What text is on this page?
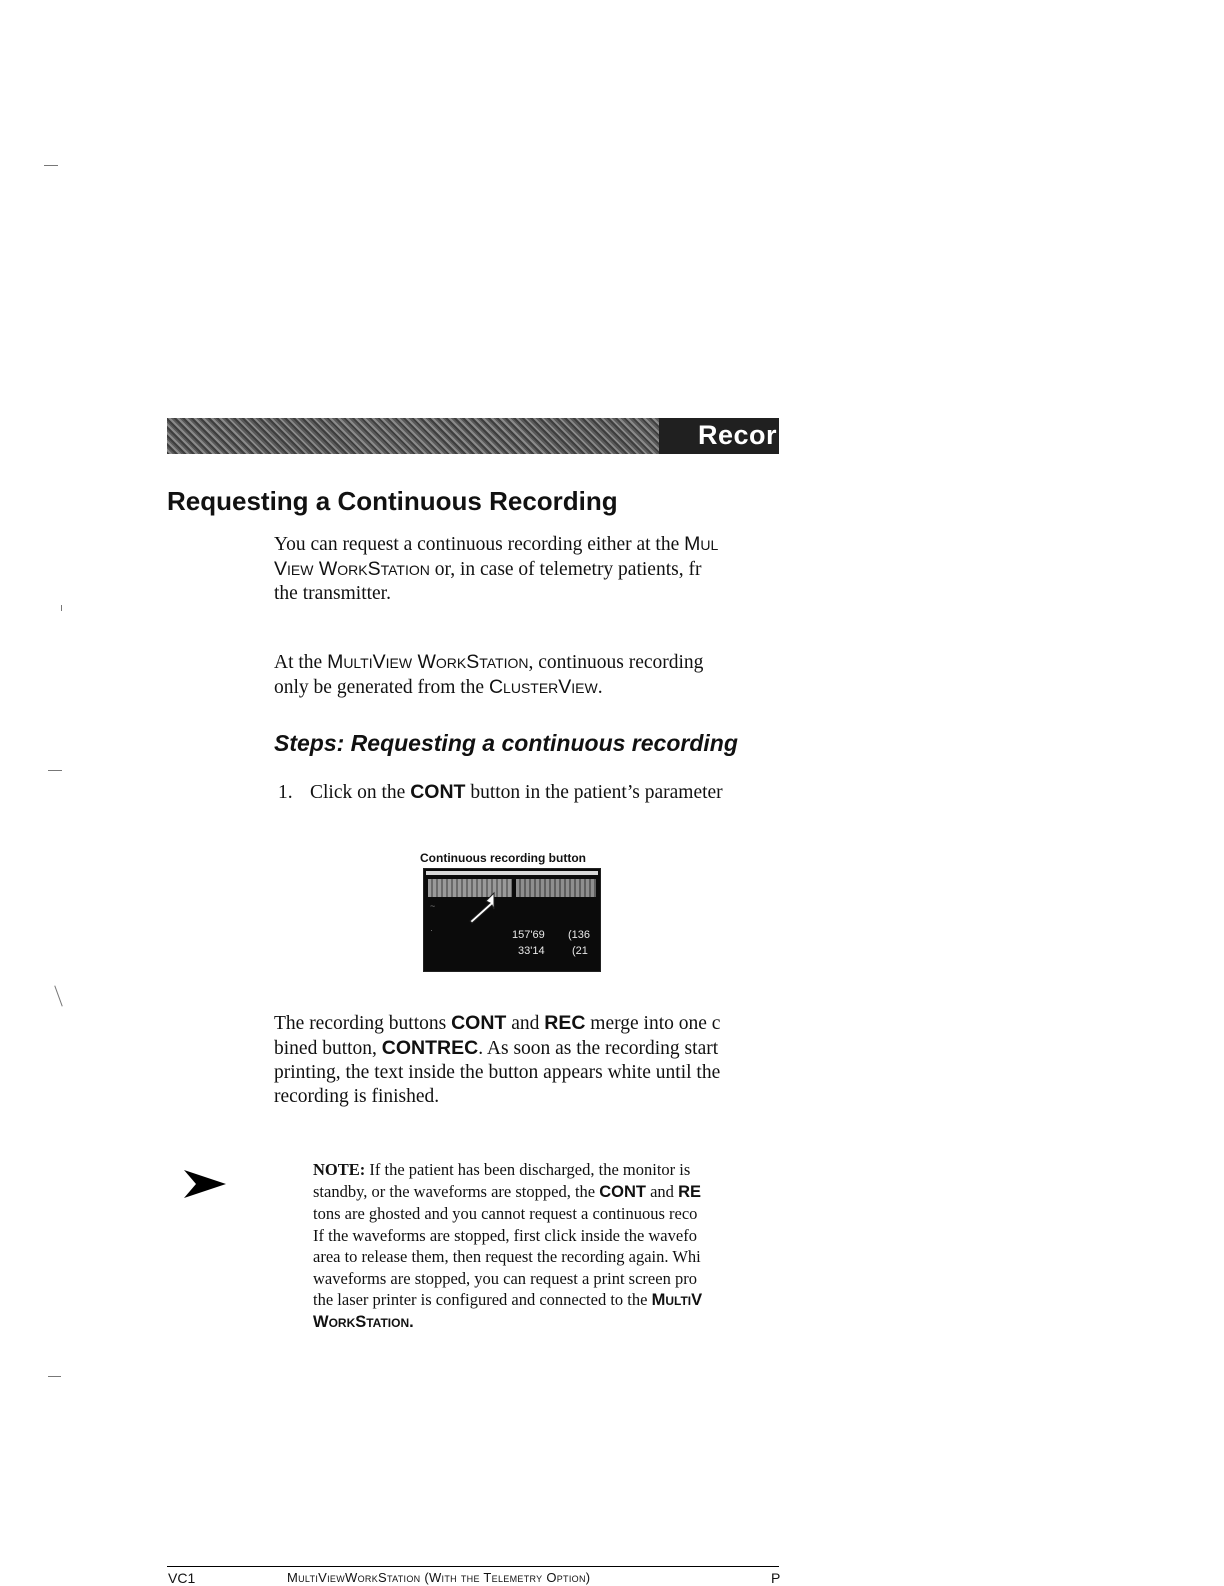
Recor
Requesting a Continuous Recording

You can request a continuous recording either at the Mul
View WorkStation or, in case of telemetry patients, fr
the transmitter.

At the MultiView WorkStation, continuous recording
only be generated from the ClusterView.

Steps: Requesting a continuous recording
1. Click on the CONT button in the patient’s parameter
Continuous recording button
~
·	157'69 (136
33'14 (21

The recording buttons CONT and REC merge into one c
bined button, CONTREC. As soon as the recording start
printing, the text inside the button appears white until the
recording is finished.

NOTE: If the patient has been discharged, the monitor is
standby, or the waveforms are stopped, the CONT and RE
tons are ghosted and you cannot request a continuous reco
If the waveforms are stopped, first click inside the wavefo
area to release them, then request the recording again. Whi
waveforms are stopped, you can request a print screen pro
the laser printer is configured and connected to the MultiV
WorkStation.

VC1	MultiViewWorkStation (With the Telemetry Option)	P
